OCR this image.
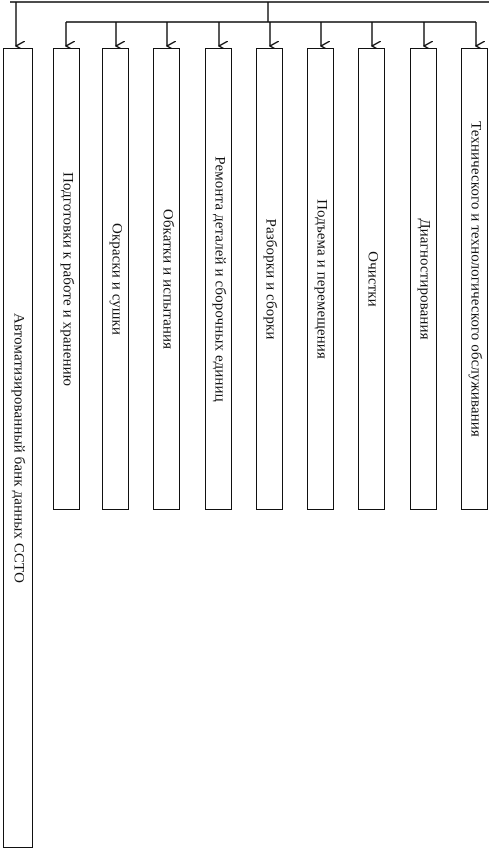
Автоматизированный банк данных ССТО
Подготовки к работе и хранению Окраски и сушки Обкатки и испытания Ремонта деталей и сборочных единиц Разборки и сборки Подъема и перемещения Очистки Диагностирования Технического и технологического обслуживания
